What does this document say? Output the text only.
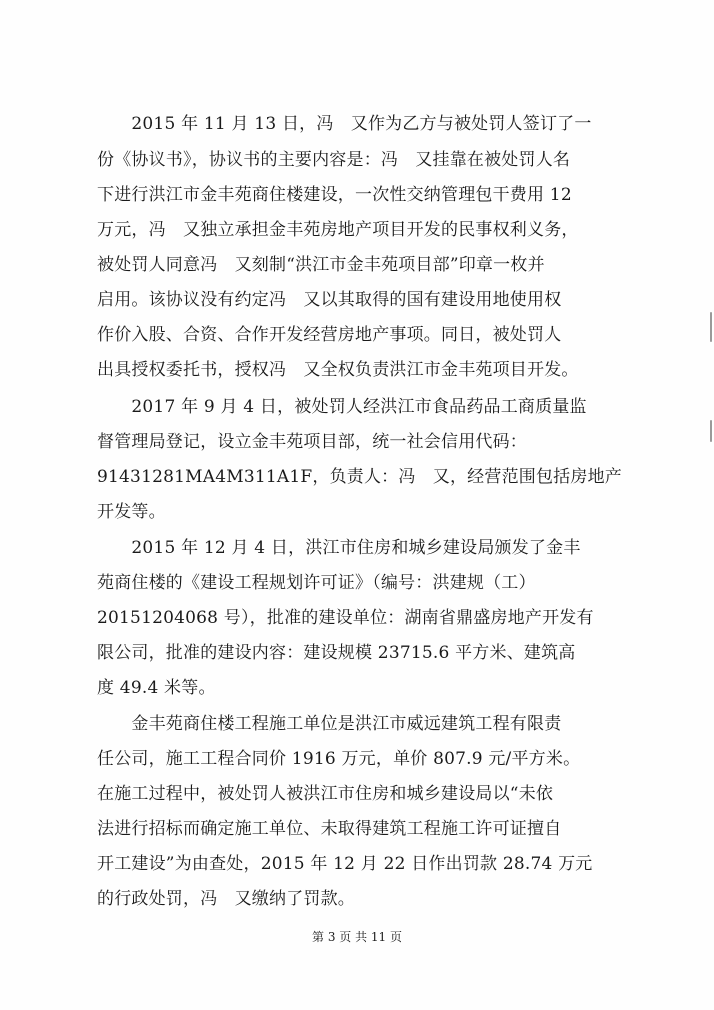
　　2015 年 11 月 13 日，冯　又作为乙方与被处罚人签订了一
份《协议书》，协议书的主要内容是：冯　又挂靠在被处罚人名
下进行洪江市金丰苑商住楼建设，一次性交纳管理包干费用 12
万元，冯　又独立承担金丰苑房地产项目开发的民事权利义务，
被处罚人同意冯　又刻制“洪江市金丰苑项目部”印章一枚并
启用。该协议没有约定冯　又以其取得的国有建设用地使用权
作价入股、合资、合作开发经营房地产事项。同日，被处罚人
出具授权委托书，授权冯　又全权负责洪江市金丰苑项目开发。
　　2017 年 9 月 4 日，被处罚人经洪江市食品药品工商质量监
督管理局登记，设立金丰苑项目部，统一社会信用代码：
91431281MA4M311A1F，负责人：冯　又，经营范围包括房地产
开发等。
　　2015 年 12 月 4 日，洪江市住房和城乡建设局颁发了金丰
苑商住楼的《建设工程规划许可证》（编号：洪建规（工）
20151204068 号），批准的建设单位：湖南省鼎盛房地产开发有
限公司，批准的建设内容：建设规模 23715.6 平方米、建筑高
度 49.4 米等。
　　金丰苑商住楼工程施工单位是洪江市威远建筑工程有限责
任公司，施工工程合同价 1916 万元，单价 807.9 元/平方米。
在施工过程中，被处罚人被洪江市住房和城乡建设局以“未依
法进行招标而确定施工单位、未取得建筑工程施工许可证擅自
开工建设”为由查处，2015 年 12 月 22 日作出罚款 28.74 万元
的行政处罚，冯　又缴纳了罚款。
第 3 页 共 11 页
